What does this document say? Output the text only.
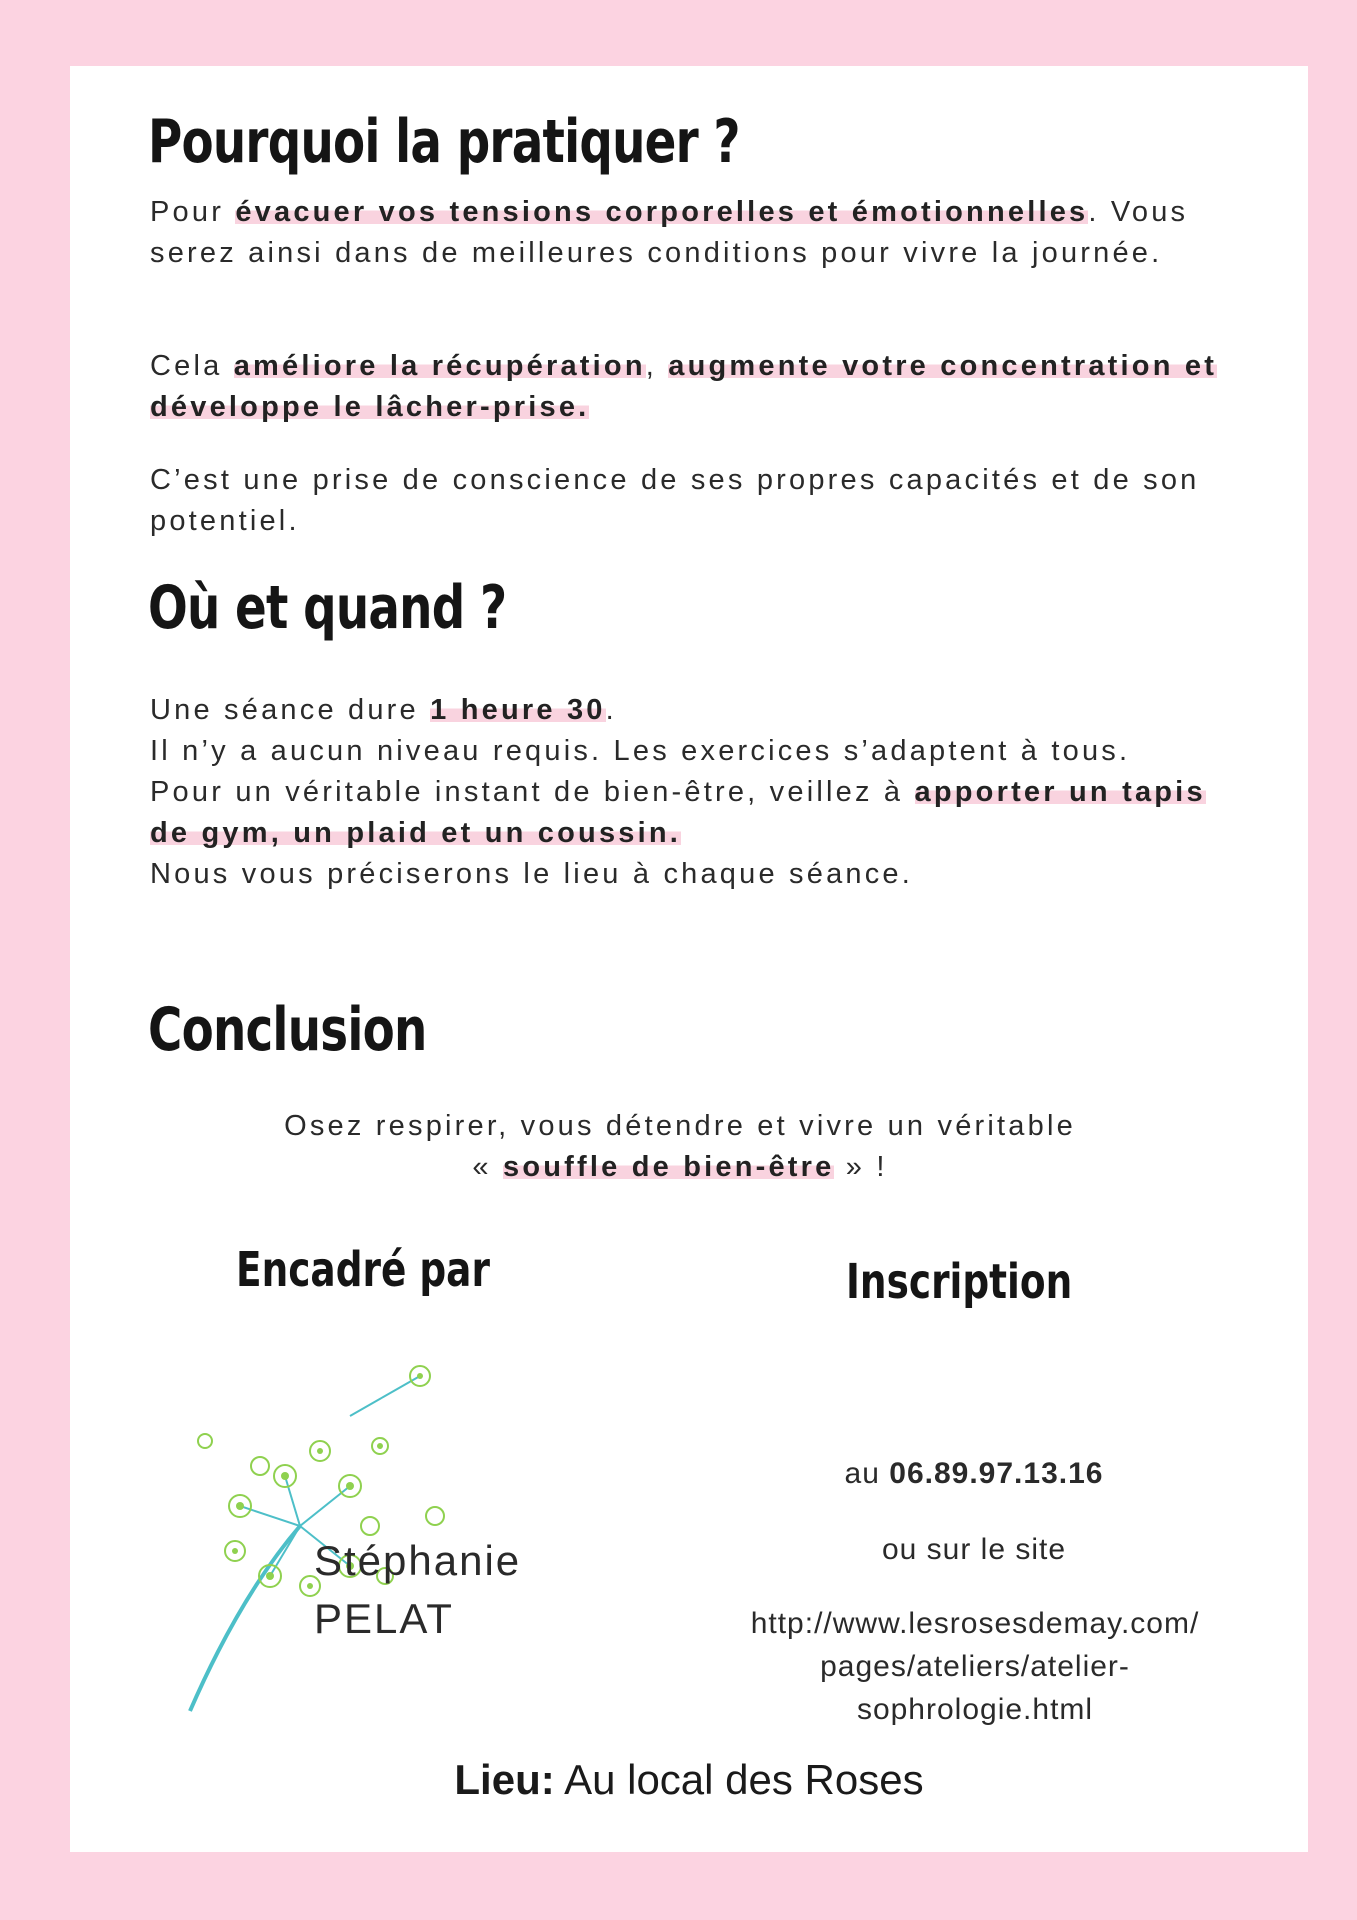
Pourquoi la pratiquer ?

Pour évacuer vos tensions corporelles et émotionnelles. Vous serez ainsi dans de meilleures conditions pour vivre la journée.

Cela améliore la récupération, augmente votre concentration et développe le lâcher-prise.

C’est une prise de conscience de ses propres capacités et de son potentiel.

Où et quand ?
Une séance dure 1 heure 30.
Il n’y a aucun niveau requis. Les exercices s’adaptent à tous.
Pour un véritable instant de bien-être, veillez à apporter un tapis de gym, un plaid et un coussin.
Nous vous préciserons le lieu à chaque séance.
Conclusion
Osez respirer, vous détendre et vivre un véritable
« souffle de bien-être » !
Encadré par
Stéphanie
PELAT
Inscription
au 06.89.97.13.16
ou sur le site
http://www.lesrosesdemay.com/
pages/ateliers/atelier-
sophrologie.html
Lieu: Au local des Roses
